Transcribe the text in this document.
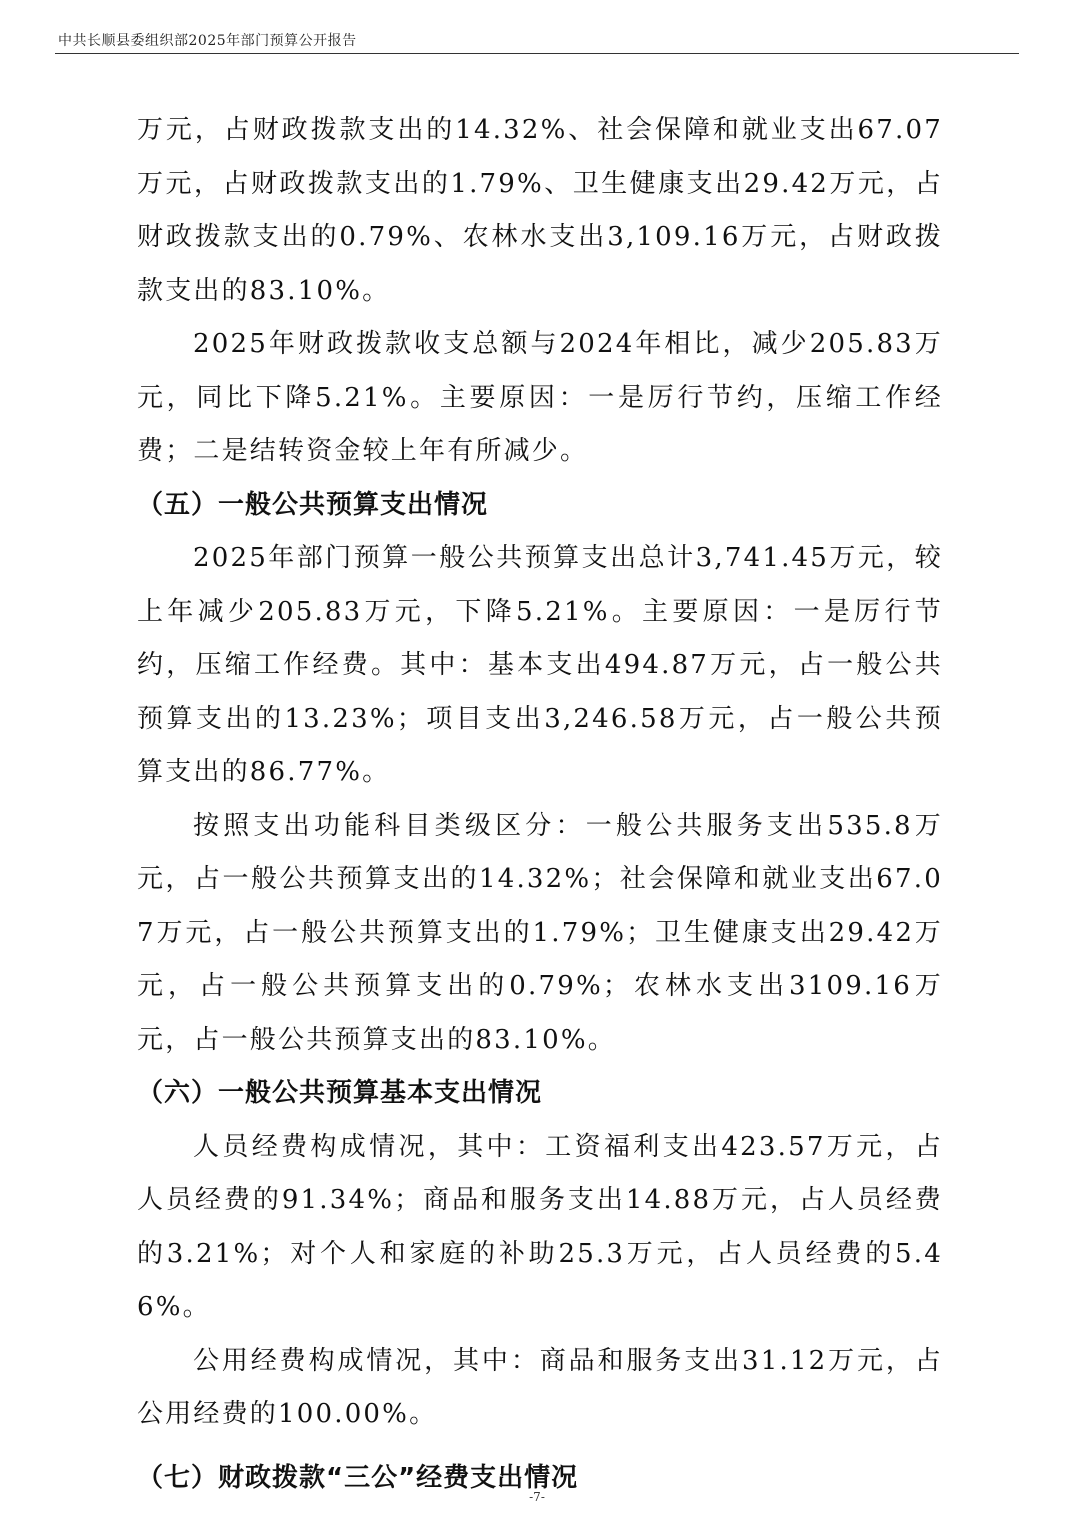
中共长顺县委组织部2025年部门预算公开报告

万元，占财政拨款支出的14.32%、社会保障和就业支出67.07万元，占财政拨款支出的1.79%、卫生健康支出29.42万元，占财政拨款支出的0.79%、农林水支出3,109.16万元，占财政拨款支出的83.10%。

2025年财政拨款收支总额与2024年相比，减少205.83万元，同比下降5.21%。主要原因：一是厉行节约，压缩工作经费；二是结转资金较上年有所减少。

（五）一般公共预算支出情况

2025年部门预算一般公共预算支出总计3,741.45万元，较上年减少205.83万元，下降5.21%。主要原因：一是厉行节约，压缩工作经费。其中：基本支出494.87万元，占一般公共预算支出的13.23%；项目支出3,246.58万元，占一般公共预算支出的86.77%。

按照支出功能科目类级区分：一般公共服务支出535.8万元，占一般公共预算支出的14.32%；社会保障和就业支出67.07万元，占一般公共预算支出的1.79%；卫生健康支出29.42万元，占一般公共预算支出的0.79%；农林水支出3109.16万元，占一般公共预算支出的83.10%。

（六）一般公共预算基本支出情况

人员经费构成情况，其中：工资福利支出423.57万元，占人员经费的91.34%；商品和服务支出14.88万元，占人员经费的3.21%；对个人和家庭的补助25.3万元，占人员经费的5.46%。

公用经费构成情况，其中：商品和服务支出31.12万元，占公用经费的100.00%。

（七）财政拨款“三公”经费支出情况
-7-
